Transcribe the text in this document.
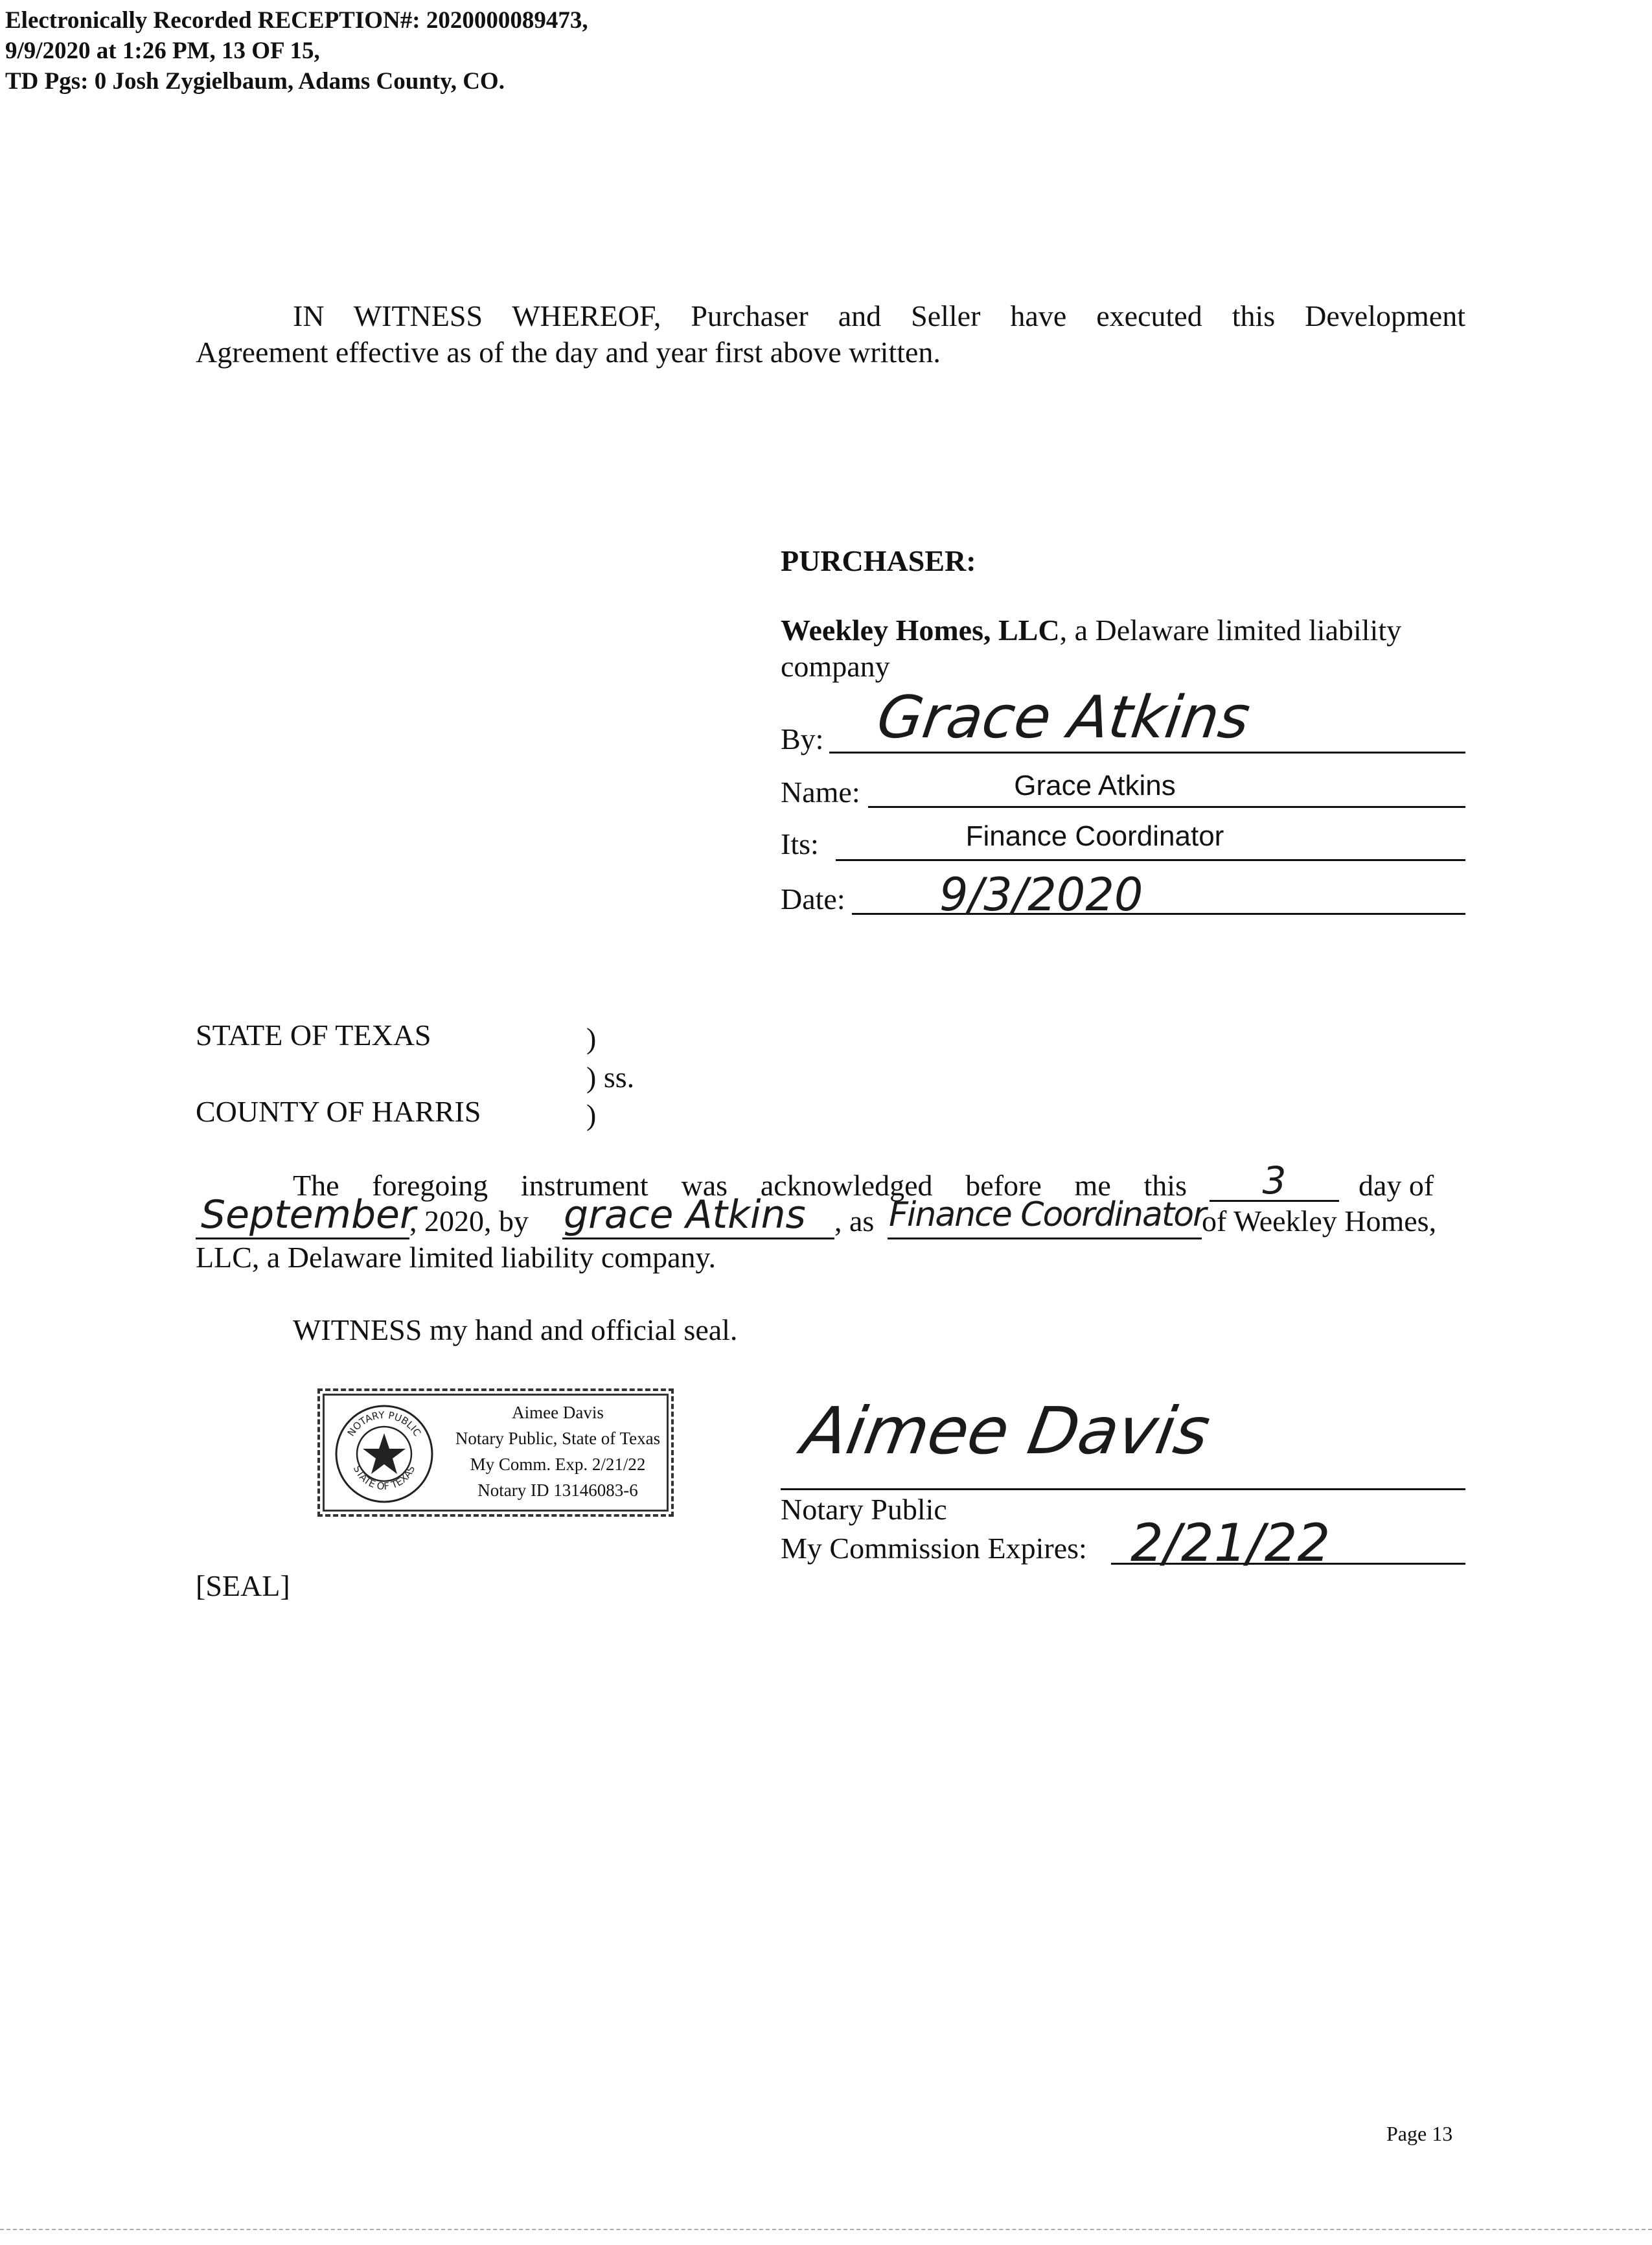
Electronically Recorded RECEPTION#: 2020000089473,
9/9/2020 at 1:26 PM, 13 OF 15,
TD Pgs: 0 Josh Zygielbaum, Adams County, CO.
IN WITNESS WHEREOF, Purchaser and Seller have executed this Development
Agreement effective as of the day and year first above written.
PURCHASER:
Weekley Homes, LLC, a Delaware limited liability
company
By: Grace Atkins
Name:	Grace Atkins
Its:	Finance Coordinator
Date: 9/3/2020
STATE OF TEXAS	)
) ss.
COUNTY OF HARRIS	)
The foregoing instrument was acknowledged before me this	3	day of
September
, 2020, by grace Atkins , as Finance Coordinator
of Weekley Homes,
LLC, a Delaware limited liability company.
WITNESS my hand and official seal.
NOTARY PUBLIC
STATE OF TEXAS
Aimee Davis
Notary Public, State of Texas
My Comm. Exp. 2/21/22
Notary ID 13146083-6
Aimee Davis
Notary Public
My Commission Expires: 2/21/22
[SEAL]
Page 13
